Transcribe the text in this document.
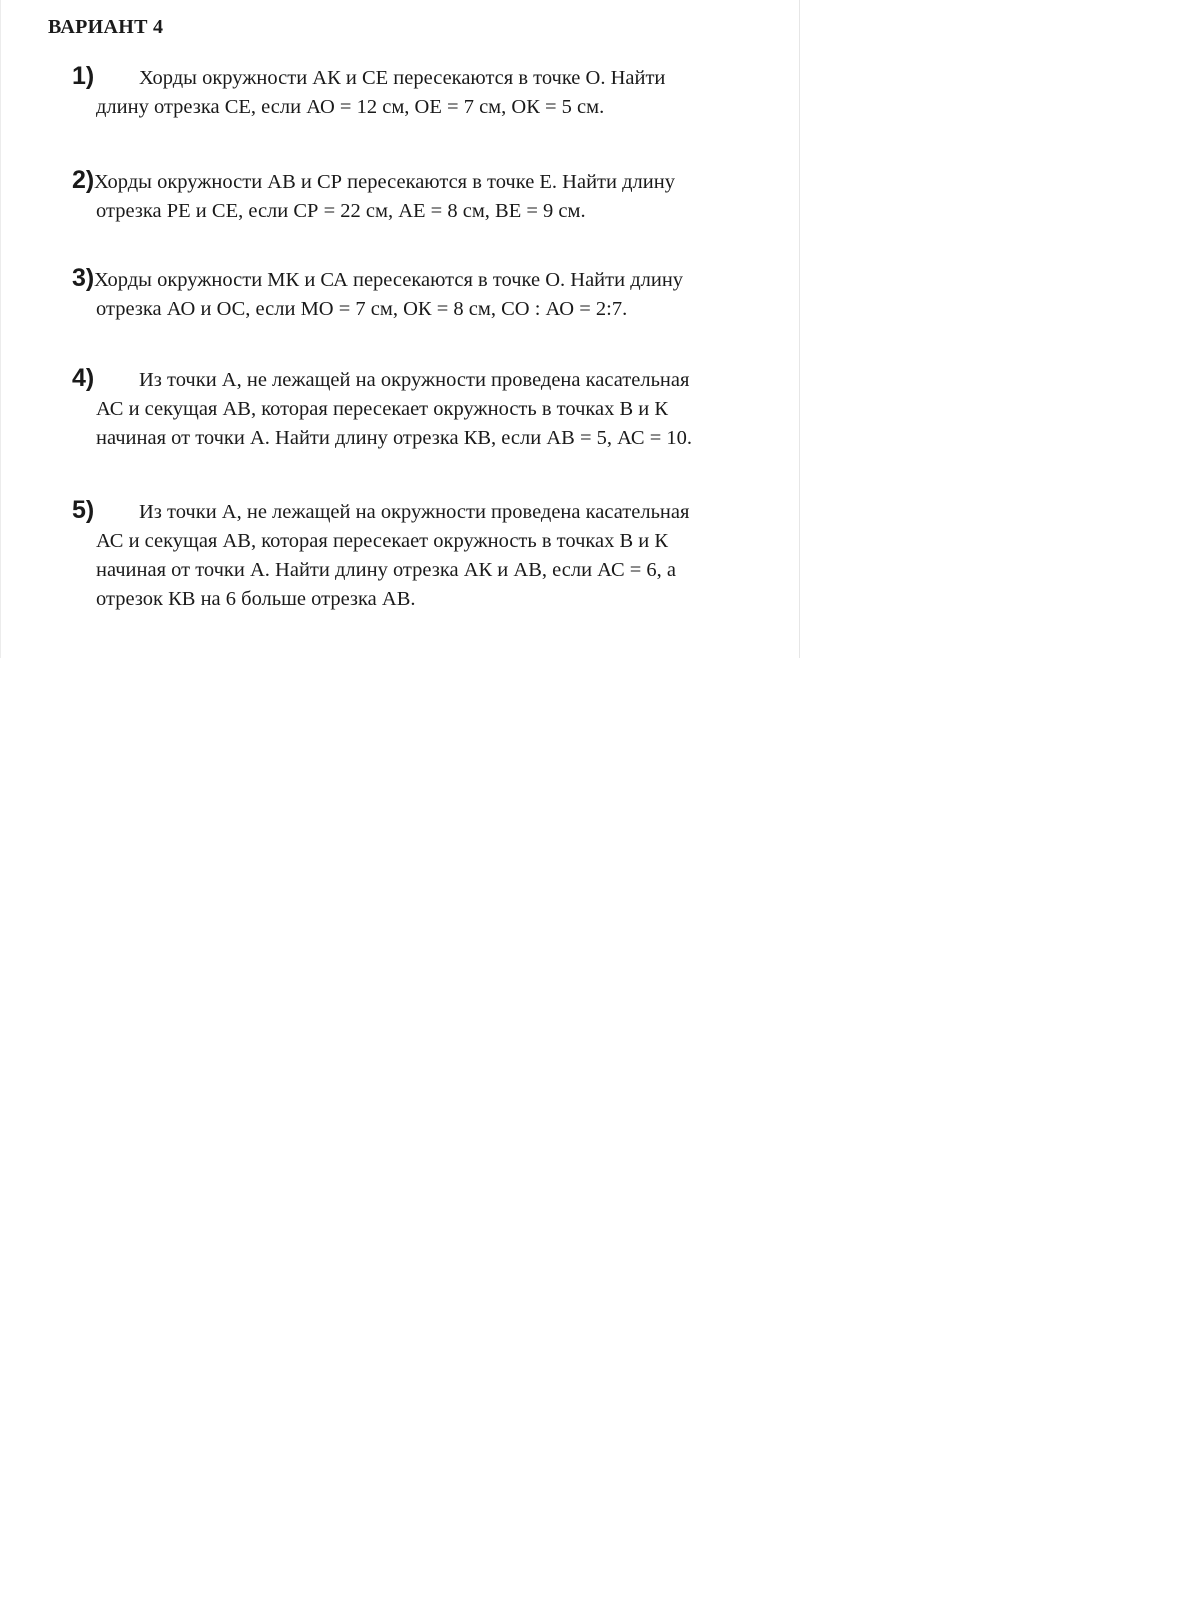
ВАРИАНТ 4
1) Хорды окружности АК и СЕ пересекаются в точке О. Найти
длину отрезка СЕ, если АО = 12 см, ОЕ = 7 см, ОК = 5 см.
2)Хорды окружности АВ и СР пересекаются в точке Е. Найти длину
отрезка РЕ и СЕ, если СР = 22 см, АЕ = 8 см, ВЕ = 9 см.
3)Хорды окружности МК и СА пересекаются в точке О. Найти длину
отрезка АО и ОС, если МО = 7 см, ОК = 8 см, СО : АО = 2:7.
4) Из точки А, не лежащей на окружности проведена касательная
АС и секущая АВ, которая пересекает окружность в точках В и К
начиная от точки А. Найти длину отрезка КВ, если АВ = 5, АС = 10.
5) Из точки А, не лежащей на окружности проведена касательная
АС и секущая АВ, которая пересекает окружность в точках В и К
начиная от точки А. Найти длину отрезка АК и АВ, если АС = 6, а
отрезок КВ на 6 больше отрезка АВ.
